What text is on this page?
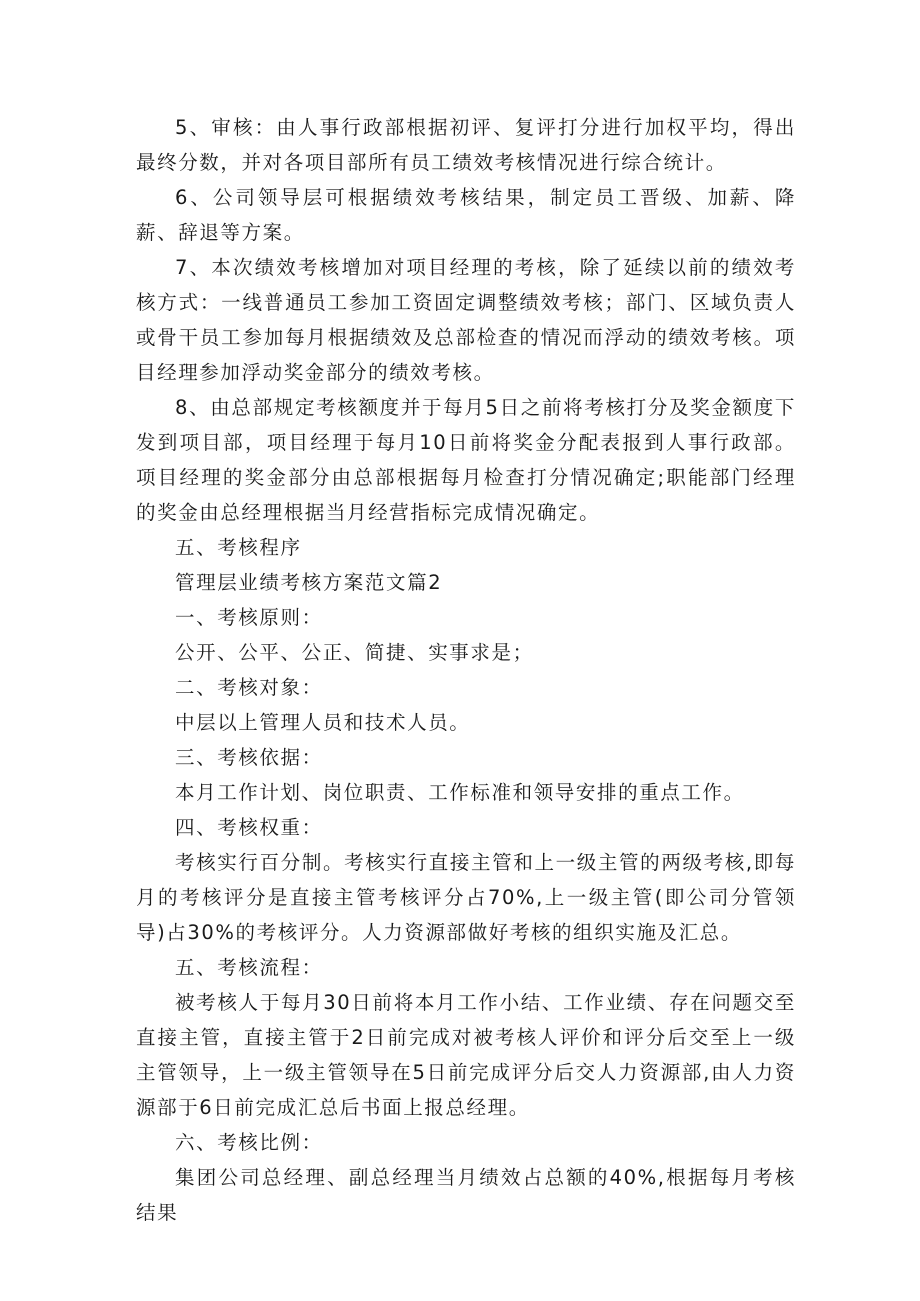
5、审核：由人事行政部根据初评、复评打分进行加权平均，得出最终分数，并对各项目部所有员工绩效考核情况进行综合统计。

6、公司领导层可根据绩效考核结果，制定员工晋级、加薪、降薪、辞退等方案。

7、本次绩效考核增加对项目经理的考核，除了延续以前的绩效考核方式：一线普通员工参加工资固定调整绩效考核；部门、区域负责人或骨干员工参加每月根据绩效及总部检查的情况而浮动的绩效考核。项目经理参加浮动奖金部分的绩效考核。

8、由总部规定考核额度并于每月5日之前将考核打分及奖金额度下发到项目部，项目经理于每月10日前将奖金分配表报到人事行政部。项目经理的奖金部分由总部根据每月检查打分情况确定;职能部门经理的奖金由总经理根据当月经营指标完成情况确定。

五、考核程序

管理层业绩考核方案范文篇2

一、考核原则：

公开、公平、公正、简捷、实事求是；

二、考核对象：

中层以上管理人员和技术人员。

三、考核依据：

本月工作计划、岗位职责、工作标准和领导安排的重点工作。

四、考核权重：

考核实行百分制。考核实行直接主管和上一级主管的两级考核,即每月的考核评分是直接主管考核评分占70%,上一级主管(即公司分管领导)占30%的考核评分。人力资源部做好考核的组织实施及汇总。

五、考核流程：

被考核人于每月30日前将本月工作小结、工作业绩、存在问题交至直接主管，直接主管于2日前完成对被考核人评价和评分后交至上一级主管领导，上一级主管领导在5日前完成评分后交人力资源部,由人力资源部于6日前完成汇总后书面上报总经理。

六、考核比例：

集团公司总经理、副总经理当月绩效占总额的40%,根据每月考核结果
